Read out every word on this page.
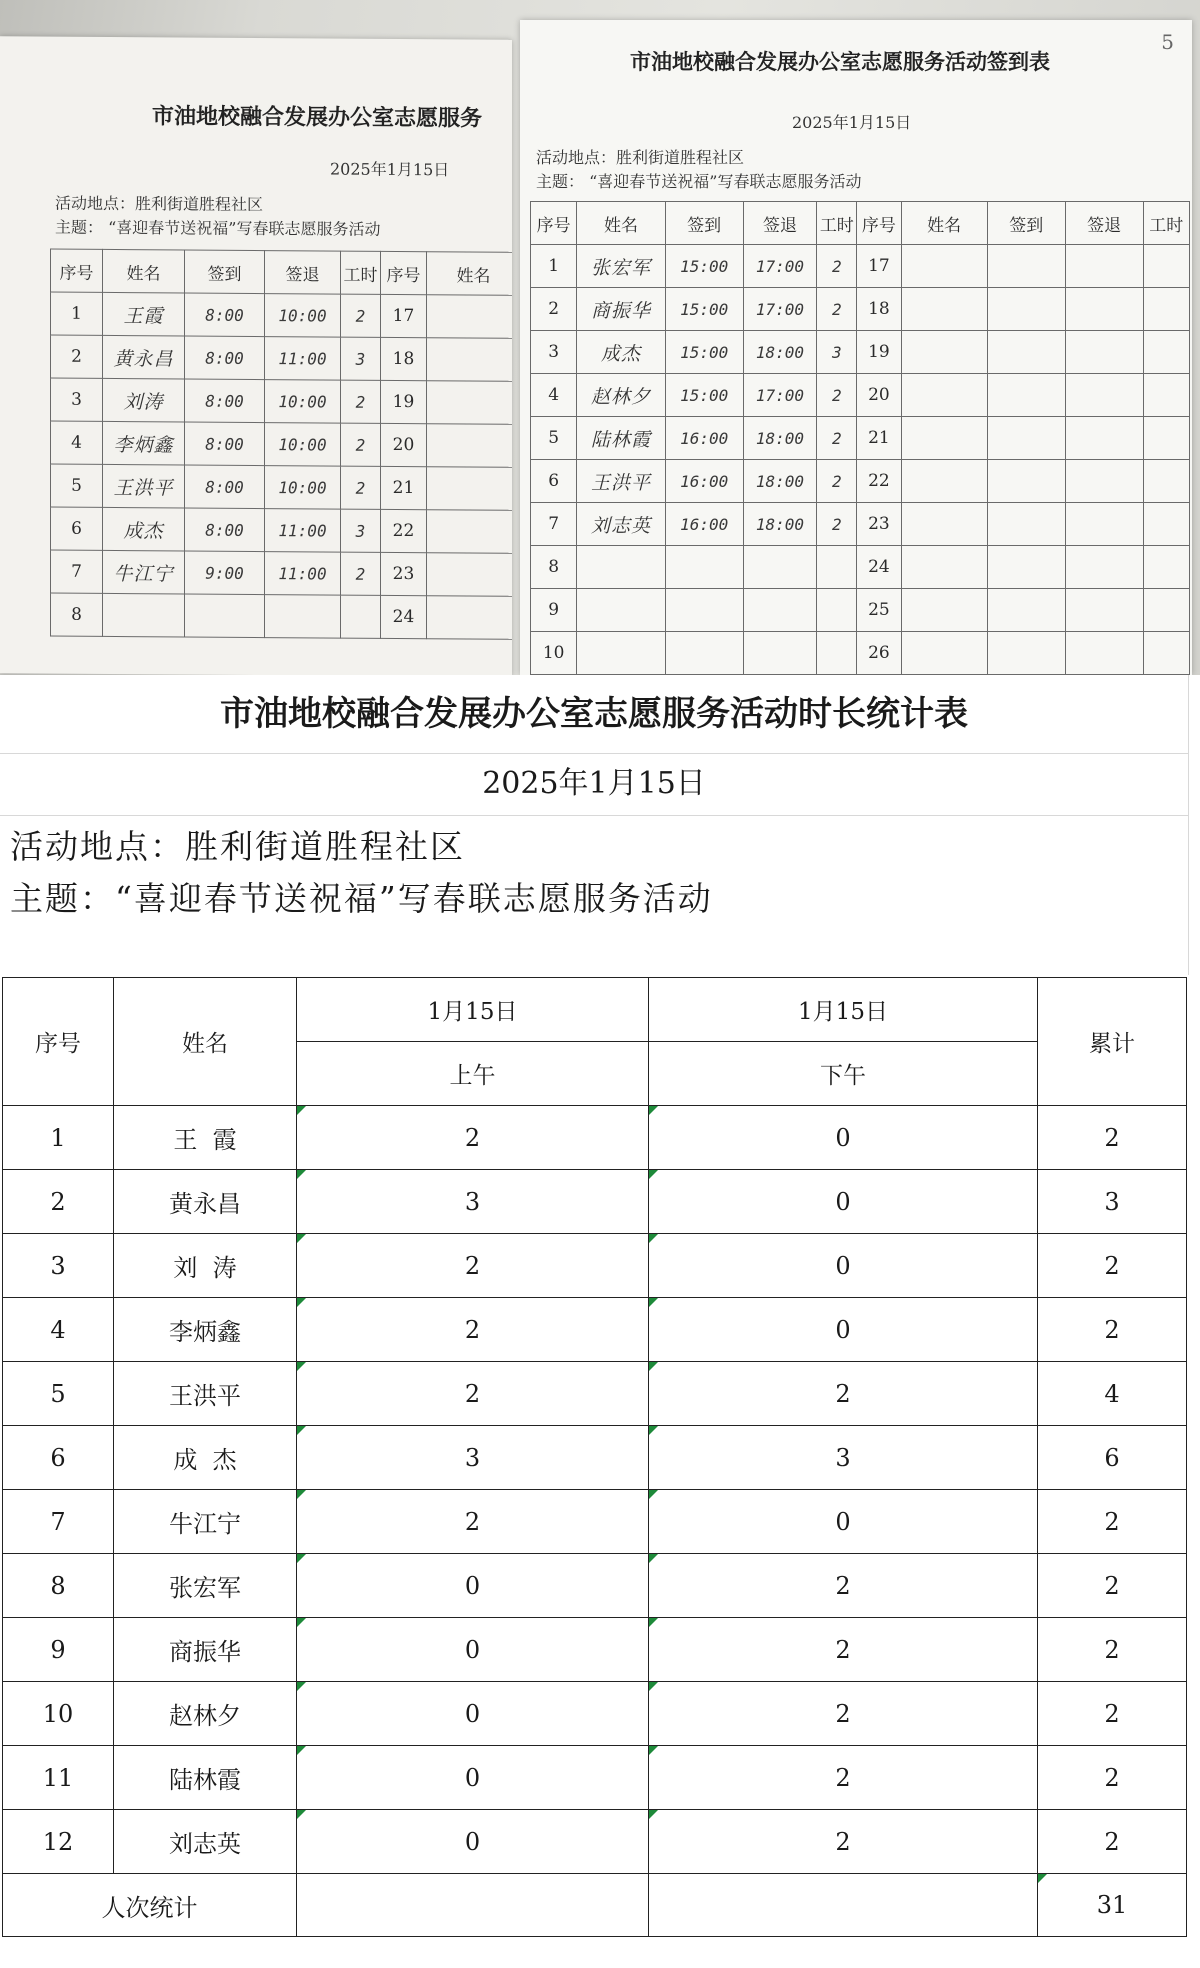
市油地校融合发展办公室志愿服务
2025年1月15日
活动地点：胜利街道胜程社区
主题： “喜迎春节送祝福”写春联志愿服务活动
序号	姓名	签到	签退	工时	序号	姓名
1	王霞	8:00	10:00	2	17	
2	黄永昌	8:00	11:00	3	18	
3	刘涛	8:00	10:00	2	19	
4	李炳鑫	8:00	10:00	2	20	
5	王洪平	8:00	10:00	2	21	
6	成杰	8:00	11:00	3	22	
7	牛江宁	9:00	11:00	2	23	
8					24	
5
市油地校融合发展办公室志愿服务活动签到表
2025年1月15日
活动地点：胜利街道胜程社区
主题： “喜迎春节送祝福”写春联志愿服务活动
序号	姓名	签到	签退	工时	序号	姓名	签到	签退	工时
1	张宏军	15:00	17:00	2	17				
2	商振华	15:00	17:00	2	18				
3	成杰	15:00	18:00	3	19				
4	赵林夕	15:00	17:00	2	20				
5	陆林霞	16:00	18:00	2	21				
6	王洪平	16:00	18:00	2	22				
7	刘志英	16:00	18:00	2	23				
8					24				
9					25				
10					26				
市油地校融合发展办公室志愿服务活动时长统计表
2025年1月15日
活动地点：胜利街道胜程社区
主题：“喜迎春节送祝福”写春联志愿服务活动
序号	姓名	1月15日	1月15日	累计
		上午	下午	
1	王  霞	2	0	2
2	黄永昌	3	0	3
3	刘  涛	2	0	2
4	李炳鑫	2	0	2
5	王洪平	2	2	4
6	成  杰	3	3	6
7	牛江宁	2	0	2
8	张宏军	0	2	2
9	商振华	0	2	2
10	赵林夕	0	2	2
11	陆林霞	0	2	2
12	刘志英	0	2	2
人次统计				31
